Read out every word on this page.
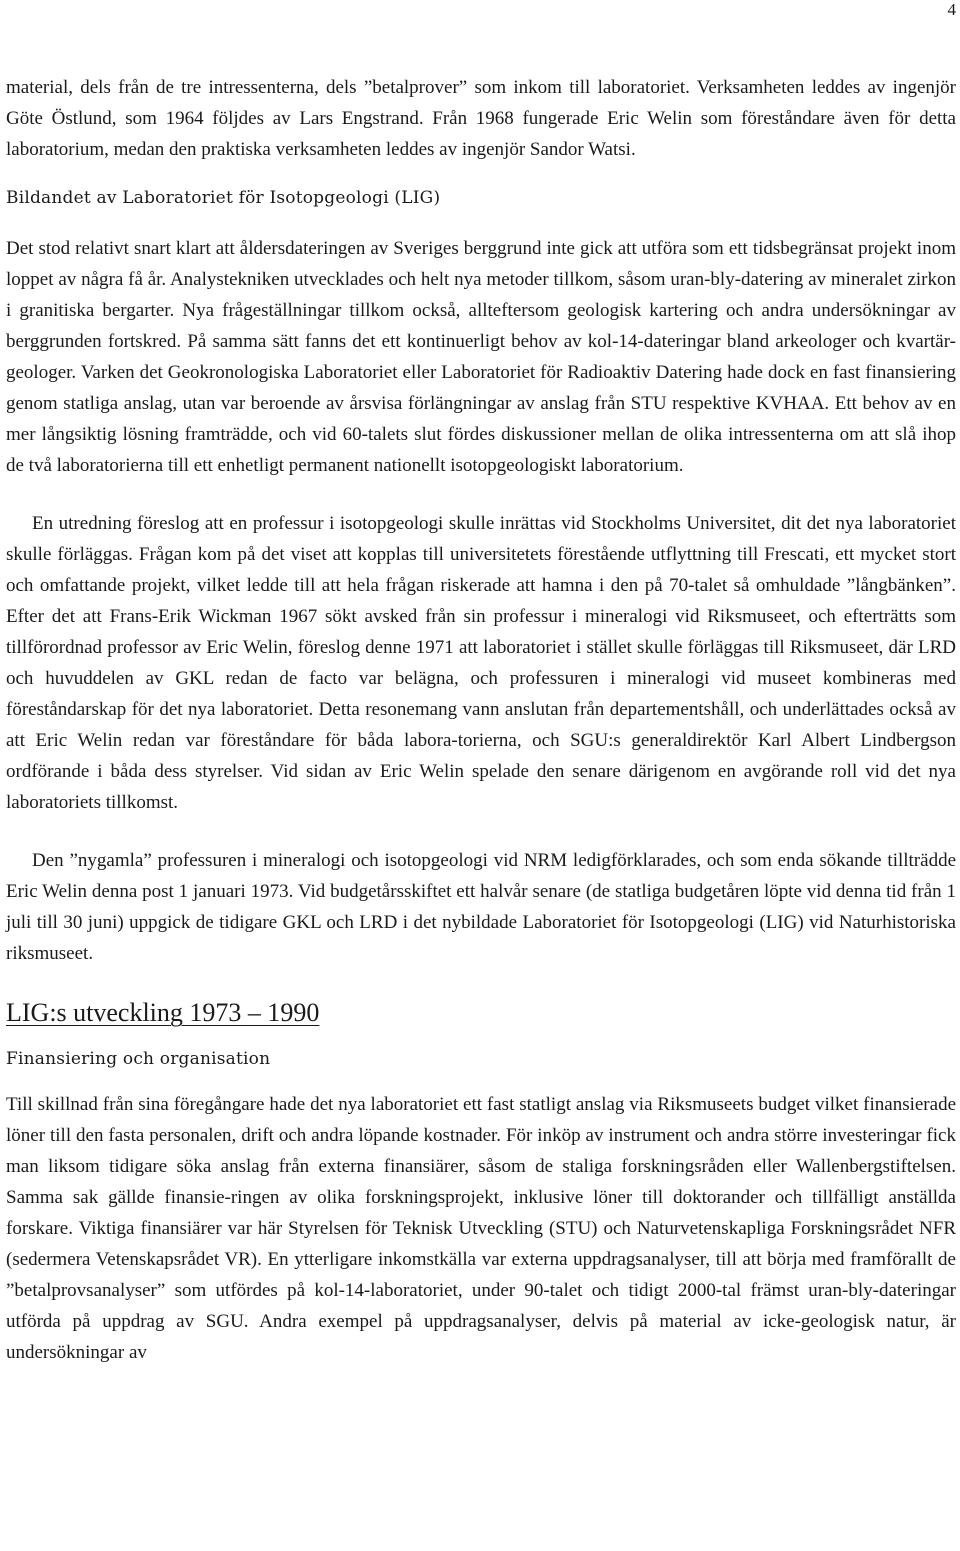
4

material, dels från de tre intressenterna, dels ”betalprover” som inkom till laboratoriet. Verksamheten leddes av ingenjör Göte Östlund, som 1964 följdes av Lars Engstrand. Från 1968 fungerade Eric Welin som föreståndare även för detta laboratorium, medan den praktiska verksamheten leddes av ingenjör Sandor Watsi.

Bildandet av Laboratoriet för Isotopgeologi (LIG)

Det stod relativt snart klart att åldersdateringen av Sveriges berggrund inte gick att utföra som ett tidsbegränsat projekt inom loppet av några få år. Analystekniken utvecklades och helt nya metoder tillkom, såsom uran-bly-datering av mineralet zirkon i granitiska bergarter. Nya frågeställningar tillkom också, allteftersom geologisk kartering och andra undersökningar av berggrunden fortskred. På samma sätt fanns det ett kontinuerligt behov av kol-14-dateringar bland arkeologer och kvartär-geologer. Varken det Geokronologiska Laboratoriet eller Laboratoriet för Radioaktiv Datering hade dock en fast finansiering genom statliga anslag, utan var beroende av årsvisa förlängningar av anslag från STU respektive KVHAA. Ett behov av en mer långsiktig lösning framträdde, och vid 60-talets slut fördes diskussioner mellan de olika intressenterna om att slå ihop de två laboratorierna till ett enhetligt permanent nationellt isotopgeologiskt laboratorium.

En utredning föreslog att en professur i isotopgeologi skulle inrättas vid Stockholms Universitet, dit det nya laboratoriet skulle förläggas. Frågan kom på det viset att kopplas till universitetets förestående utflyttning till Frescati, ett mycket stort och omfattande projekt, vilket ledde till att hela frågan riskerade att hamna i den på 70-talet så omhuldade ”långbänken”. Efter det att Frans-Erik Wickman 1967 sökt avsked från sin professur i mineralogi vid Riksmuseet, och efterträtts som tillförordnad professor av Eric Welin, föreslog denne 1971 att laboratoriet i stället skulle förläggas till Riksmuseet, där LRD och huvuddelen av GKL redan de facto var belägna, och professuren i mineralogi vid museet kombineras med föreståndarskap för det nya laboratoriet. Detta resonemang vann anslutan från departementshåll, och underlättades också av att Eric Welin redan var föreståndare för båda labora-torierna, och SGU:s generaldirektör Karl Albert Lindbergson ordförande i båda dess styrelser. Vid sidan av Eric Welin spelade den senare därigenom en avgörande roll vid det nya laboratoriets tillkomst.

Den ”nygamla” professuren i mineralogi och isotopgeologi vid NRM ledigförklarades, och som enda sökande tillträdde Eric Welin denna post 1 januari 1973. Vid budgetårsskiftet ett halvår senare (de statliga budgetåren löpte vid denna tid från 1 juli till 30 juni) uppgick de tidigare GKL och LRD i det nybildade Laboratoriet för Isotopgeologi (LIG) vid Naturhistoriska riksmuseet.

LIG:s utveckling 1973 – 1990

Finansiering och organisation

Till skillnad från sina föregångare hade det nya laboratoriet ett fast statligt anslag via Riksmuseets budget vilket finansierade löner till den fasta personalen, drift och andra löpande kostnader. För inköp av instrument och andra större investeringar fick man liksom tidigare söka anslag från externa finansiärer, såsom de staliga forskningsråden eller Wallenbergstiftelsen. Samma sak gällde finansie-ringen av olika forskningsprojekt, inklusive löner till doktorander och tillfälligt anställda forskare. Viktiga finansiärer var här Styrelsen för Teknisk Utveckling (STU) och Naturvetenskapliga Forskningsrådet NFR (sedermera Vetenskapsrådet VR). En ytterligare inkomstkälla var externa uppdragsanalyser, till att börja med framförallt de ”betalprovsanalyser” som utfördes på kol-14-laboratoriet, under 90-talet och tidigt 2000-tal främst uran-bly-dateringar utförda på uppdrag av SGU. Andra exempel på uppdragsanalyser, delvis på material av icke-geologisk natur, är undersökningar av
